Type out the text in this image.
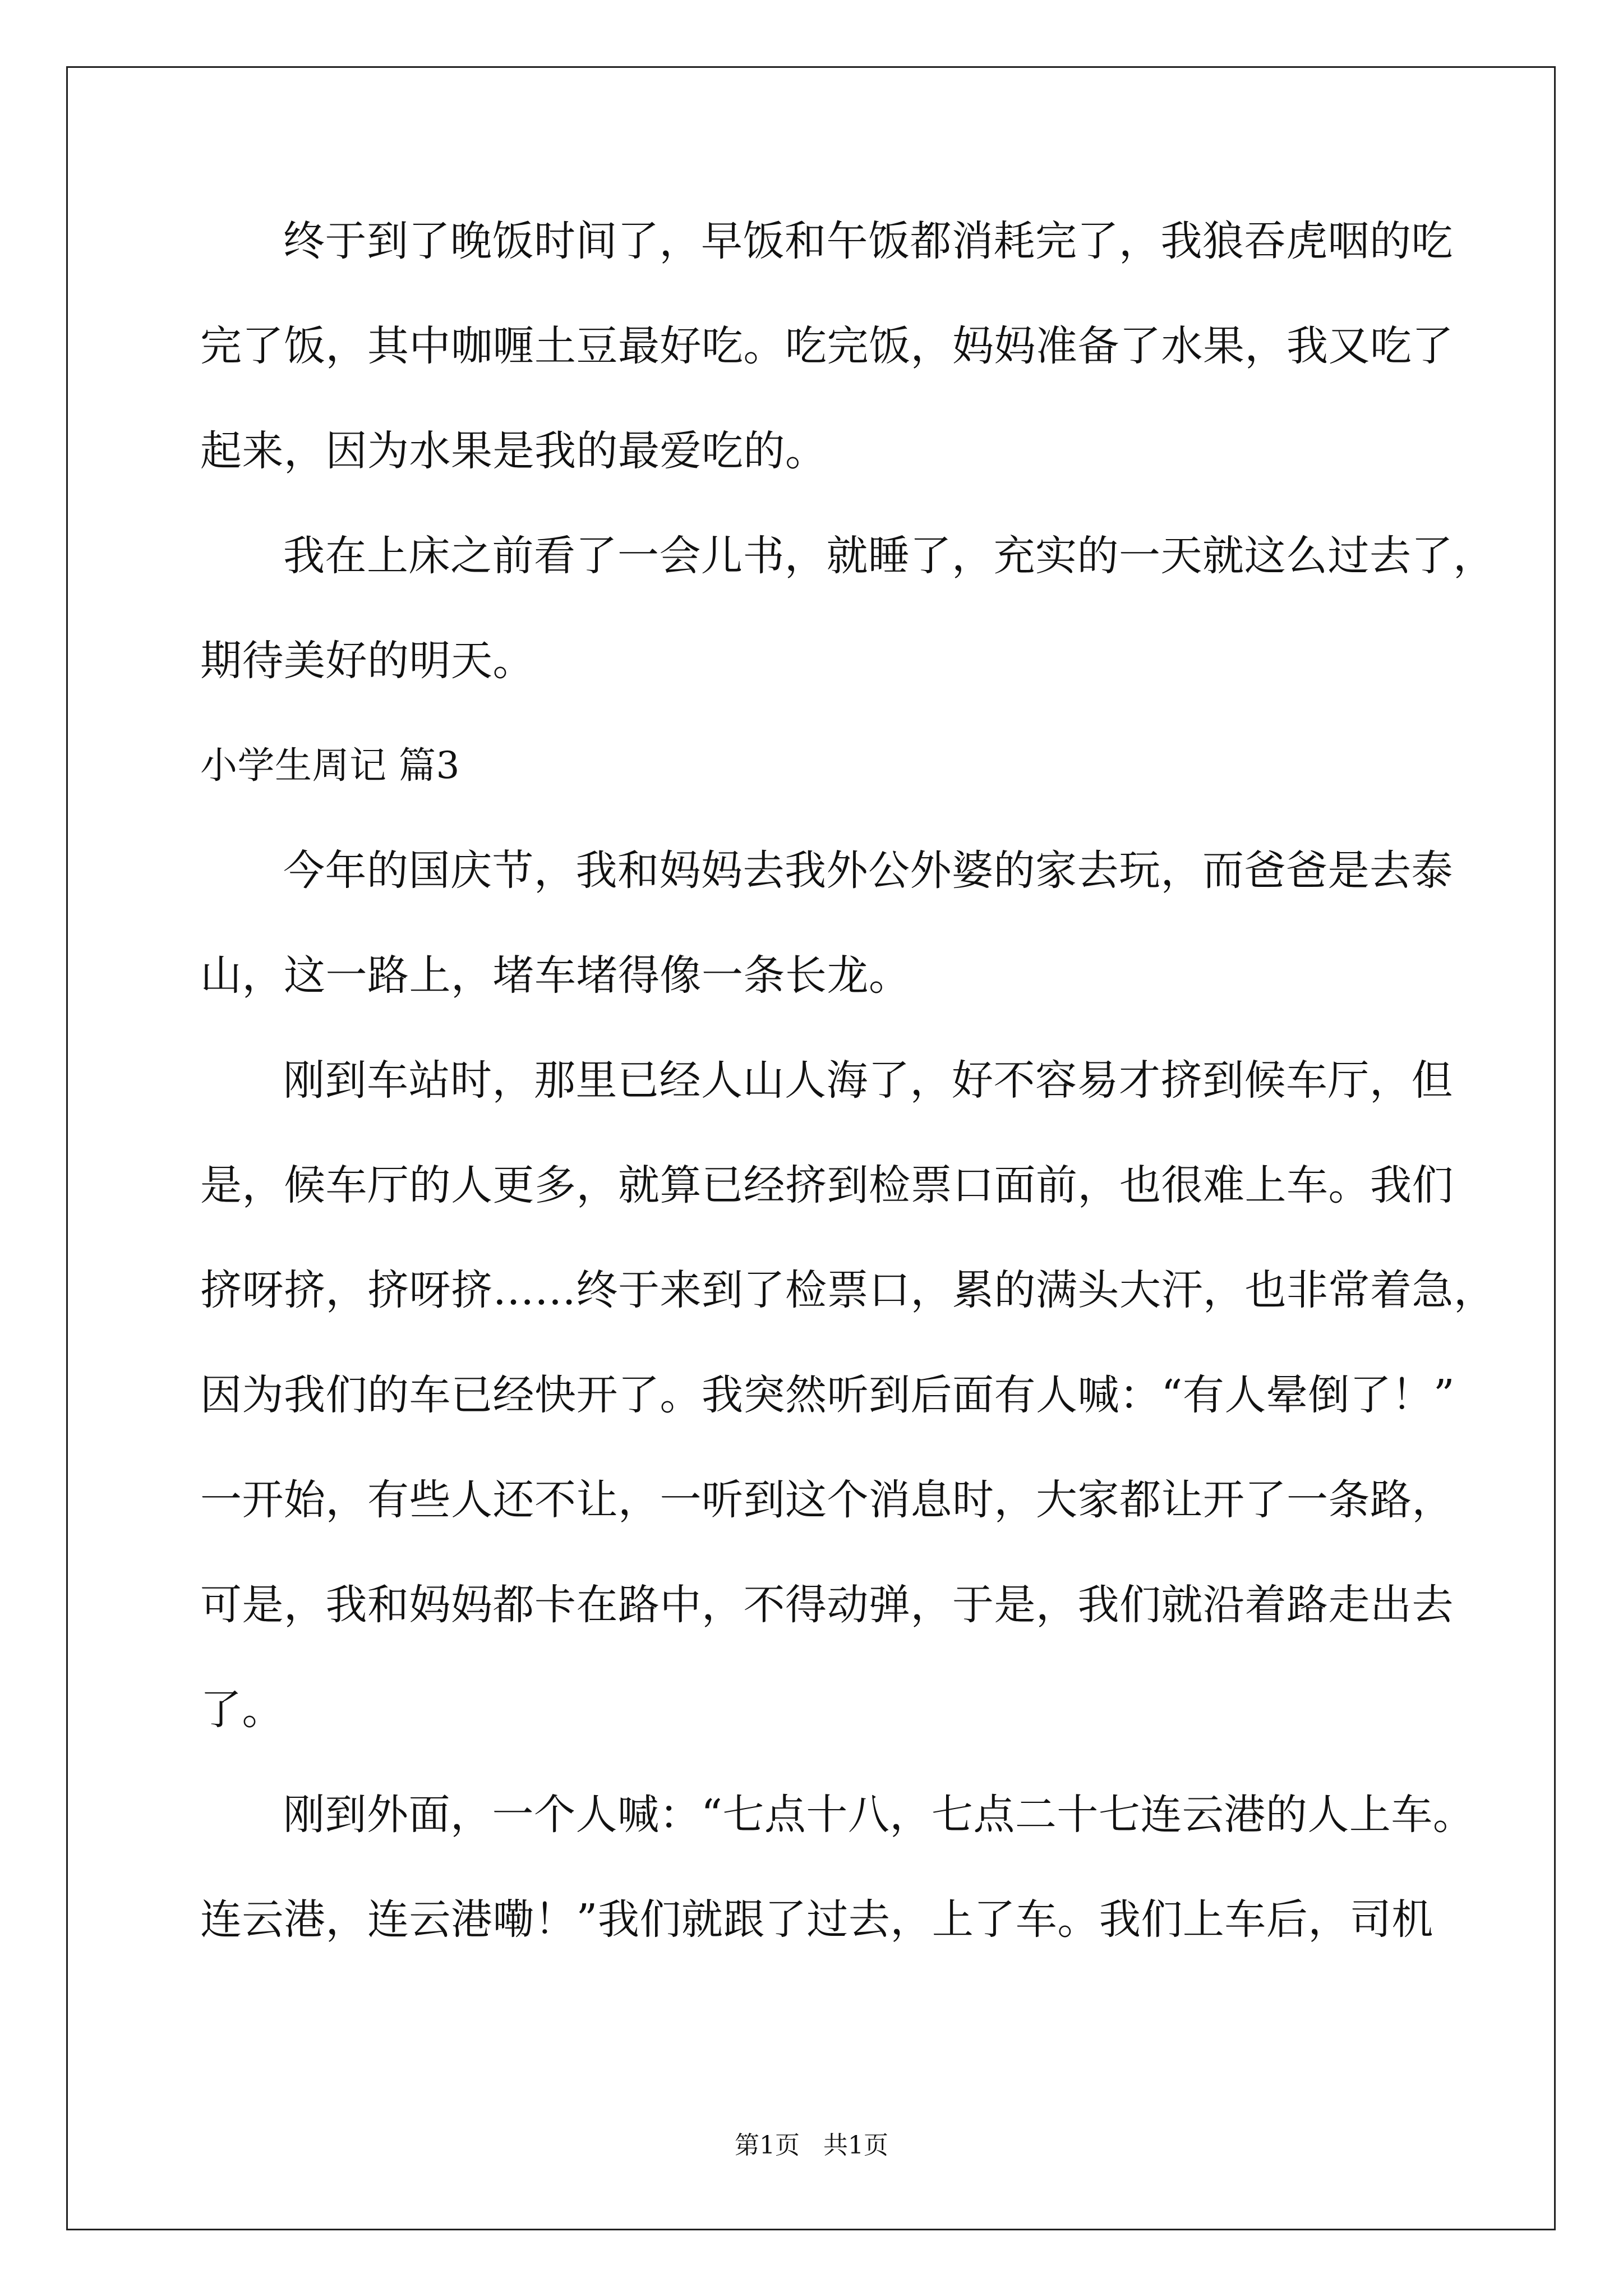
终于到了晚饭时间了，早饭和午饭都消耗完了，我狼吞虎咽的吃
完了饭，其中咖喱土豆最好吃。吃完饭，妈妈准备了水果，我又吃了
起来，因为水果是我的最爱吃的。
我在上床之前看了一会儿书，就睡了，充实的一天就这么过去了，
期待美好的明天。
小学生周记 篇3
今年的国庆节，我和妈妈去我外公外婆的家去玩，而爸爸是去泰
山，这一路上，堵车堵得像一条长龙。
刚到车站时，那里已经人山人海了，好不容易才挤到候车厅，但
是，候车厅的人更多，就算已经挤到检票口面前，也很难上车。我们
挤呀挤，挤呀挤……终于来到了检票口，累的满头大汗，也非常着急，
因为我们的车已经快开了。我突然听到后面有人喊：“有人晕倒了！”
一开始，有些人还不让，一听到这个消息时，大家都让开了一条路，
可是，我和妈妈都卡在路中，不得动弹，于是，我们就沿着路走出去
了。
刚到外面，一个人喊：“七点十八，七点二十七连云港的人上车。
连云港，连云港嘞！”我们就跟了过去，上了车。我们上车后，司机
第1页 共1页
